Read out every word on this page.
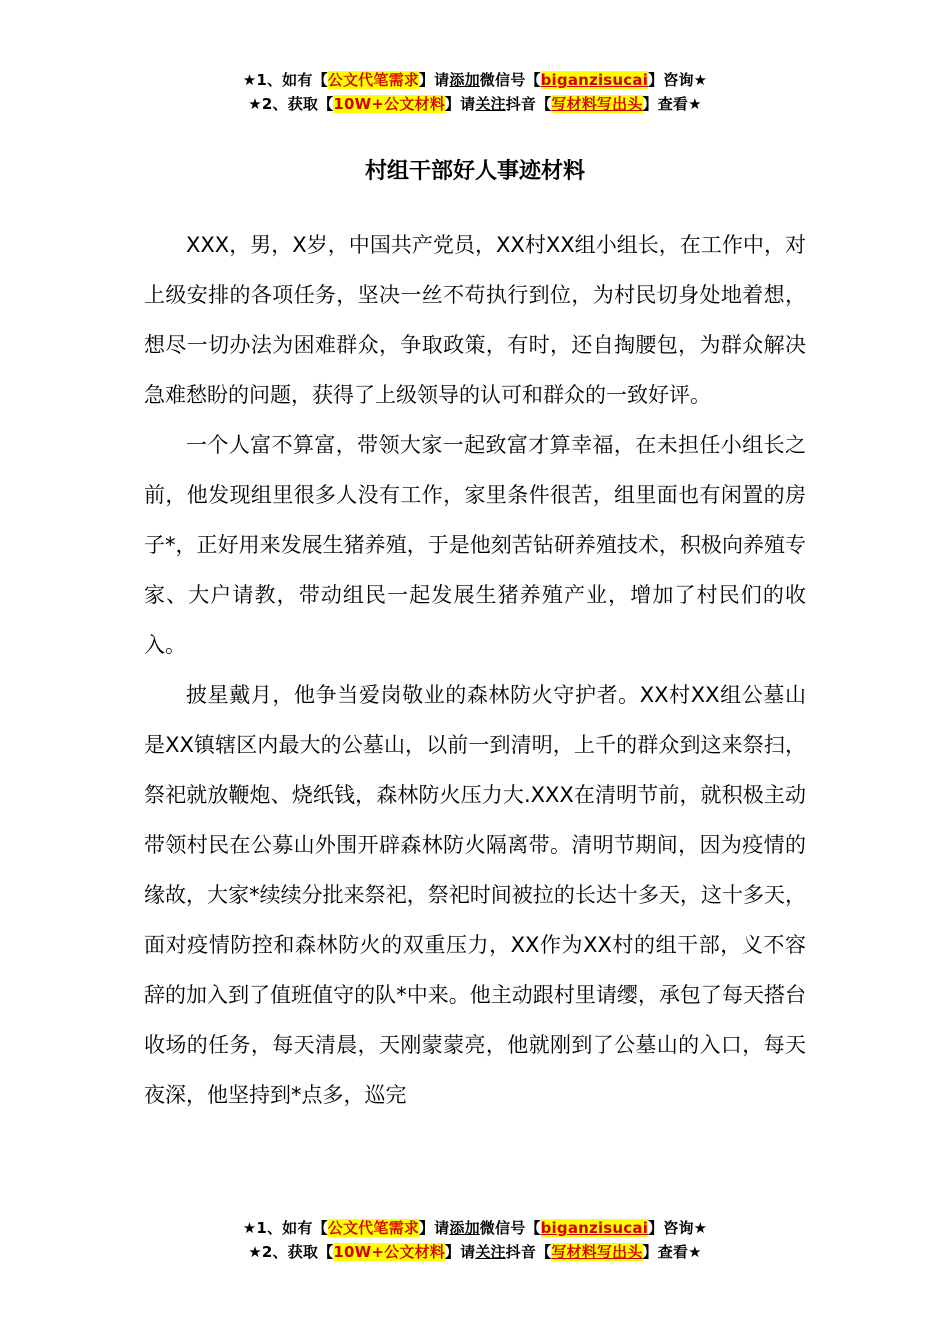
★1、如有【公文代笔需求】请添加微信号【biganzisucai】咨询★
★2、获取【10W+公文材料】请关注抖音【写材料写出头】查看★
村组干部好人事迹材料

XXX，男，X岁，中国共产党员，XX村XX组小组长，在工作中，对上级安排的各项任务，坚决一丝不苟执行到位，为村民切身处地着想，想尽一切办法为困难群众，争取政策，有时，还自掏腰包，为群众解决急难愁盼的问题，获得了上级领导的认可和群众的一致好评。

一个人富不算富，带领大家一起致富才算幸福，在未担任小组长之前，他发现组里很多人没有工作，家里条件很苦，组里面也有闲置的房子*，正好用来发展生猪养殖，于是他刻苦钻研养殖技术，积极向养殖专家、大户请教，带动组民一起发展生猪养殖产业，增加了村民们的收入。

披星戴月，他争当爱岗敬业的森林防火守护者。XX村XX组公墓山是XX镇辖区内最大的公墓山，以前一到清明，上千的群众到这来祭扫，祭祀就放鞭炮、烧纸钱，森林防火压力大.XXX在清明节前，就积极主动带领村民在公募山外围开辟森林防火隔离带。清明节期间，因为疫情的缘故，大家*续续分批来祭祀，祭祀时间被拉的长达十多天，这十多天，面对疫情防控和森林防火的双重压力，XX作为XX村的组干部，义不容辞的加入到了值班值守的队*中来。他主动跟村里请缨，承包了每天搭台收场的任务，每天清晨，天刚蒙蒙亮，他就刚到了公墓山的入口，每天夜深，他坚持到*点多，巡完

★1、如有【公文代笔需求】请添加微信号【biganzisucai】咨询★
★2、获取【10W+公文材料】请关注抖音【写材料写出头】查看★
